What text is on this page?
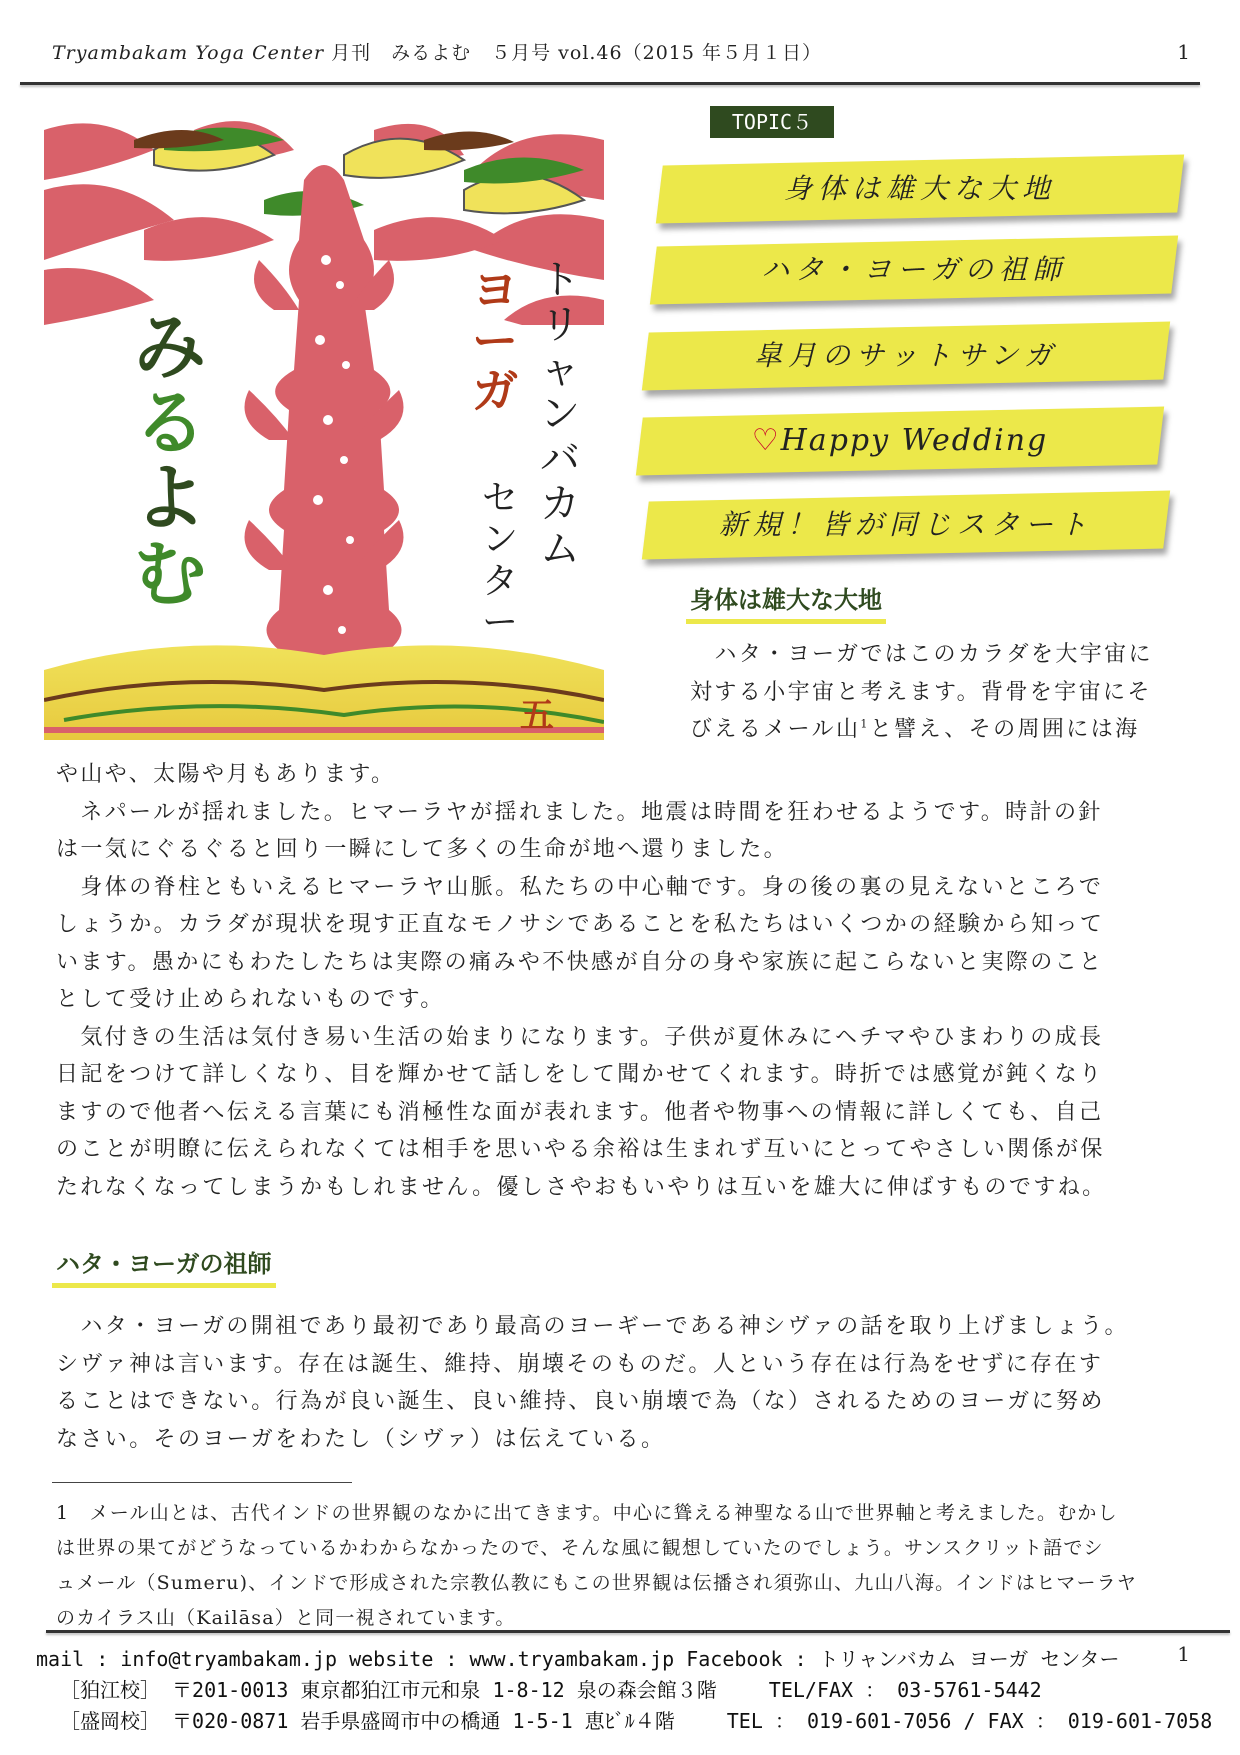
Tryambakam Yoga Center 月刊　みるよむ　５月号 vol.46（2015 年５月１日）	1
み
る
よ
む
ト
リ
ャ
ン
バ
カ
ム
ヨ
ー
ガ
セ
ン
タ
ー
五
TOPIC５
身体は雄大な大地
ハタ・ヨーガの祖師
皐月のサットサンガ
♡Happy Wedding
新規！皆が同じスタート
身体は雄大な大地
　ハタ・ヨーガではこのカラダを大宇宙に
対する小宇宙と考えます。背骨を宇宙にそ
びえるメール山$^1$と譬え、その周囲には海
や山や、太陽や月もあります。
　ネパールが揺れました。ヒマーラヤが揺れました。地震は時間を狂わせるようです。時計の針
は一気にぐるぐると回り一瞬にして多くの生命が地へ還りました。
　身体の脊柱ともいえるヒマーラヤ山脈。私たちの中心軸です。身の後の裏の見えないところで
しょうか。カラダが現状を現す正直なモノサシであることを私たちはいくつかの経験から知って
います。愚かにもわたしたちは実際の痛みや不快感が自分の身や家族に起こらないと実際のこと
として受け止められないものです。
　気付きの生活は気付き易い生活の始まりになります。子供が夏休みにヘチマやひまわりの成長
日記をつけて詳しくなり、目を輝かせて話しをして聞かせてくれます。時折では感覚が鈍くなり
ますので他者へ伝える言葉にも消極性な面が表れます。他者や物事への情報に詳しくても、自己
のことが明瞭に伝えられなくては相手を思いやる余裕は生まれず互いにとってやさしい関係が保
たれなくなってしまうかもしれません。優しさやおもいやりは互いを雄大に伸ばすものですね。
ハタ・ヨーガの祖師
　ハタ・ヨーガの開祖であり最初であり最高のヨーギーである神シヴァの話を取り上げましょう。
シヴァ神は言います。存在は誕生、維持、崩壊そのものだ。人という存在は行為をせずに存在す
ることはできない。行為が良い誕生、良い維持、良い崩壊で為（な）されるためのヨーガに努め
なさい。そのヨーガをわたし（シヴァ）は伝えている。
1　メール山とは、古代インドの世界観のなかに出てきます。中心に聳える神聖なる山で世界軸と考えました。むかし
は世界の果てがどうなっているかわからなかったので、そんな風に観想していたのでしょう。サンスクリット語でシ
ュメール（Sumeru)、インドで形成された宗教仏教にもこの世界観は伝播され須弥山、九山八海。インドはヒマーラヤ
のカイラス山（Kailāsa）と同一視されています。
mail : info@tryambakam.jp website : www.tryambakam.jp Facebook : トリャンバカム ヨーガ センター	1
［狛江校］ 〒201-0013 東京都狛江市元和泉 1-8-12 泉の森会館３階　　 TEL/FAX ： 03-5761-5442
［盛岡校］ 〒020-0871 岩手県盛岡市中の橋通 1-5-1 恵ﾋﾞﾙ４階　　 TEL ： 019-601-7056 / FAX ： 019-601-7058
